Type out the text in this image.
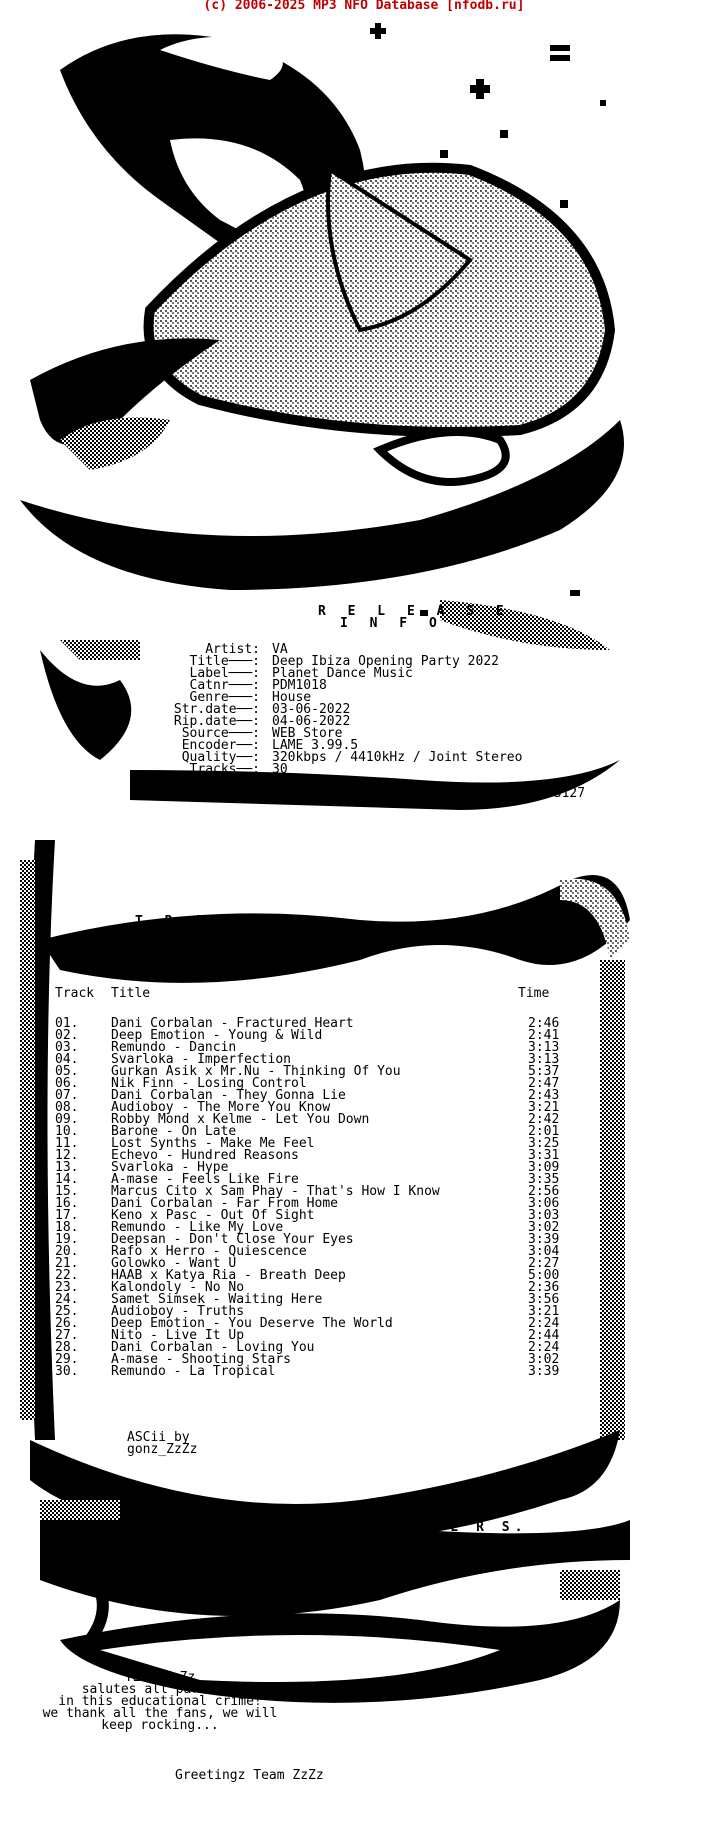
(c) 2006-2025 MP3 NFO Database [nfodb.ru]
R E L E A S E
I N F O
Artist: VA
Title───: Deep Ibiza Opening Party 2022
Label───: Planet Dance Music
Catnr───: PDM1018
Genre───: House
Str.date──: 03-06-2022
Rip.date──: 04-06-2022
Source───: WEB Store
Encoder──: LAME 3.99.5
Quality──: 320kbps / 4410kHz / Joint Stereo
Tracks──: 30
Size──: 230.99MB
Url──: http://www.deezer.com/de/album/321703127
T R A C K
L I S T I N G
Track Title	Time
01.	Dani Corbalan - Fractured Heart	2:46
02.	Deep Emotion - Young & Wild	2:41
03.	Remundo - Dancin	3:13
04.	Svarloka - Imperfection	3:13
05.	Gurkan Asik x Mr.Nu - Thinking Of You	5:37
06.	Nik Finn - Losing Control	2:47
07.	Dani Corbalan - They Gonna Lie	2:43
08.	Audioboy - The More You Know	3:21
09.	Robby Mond x Kelme - Let You Down	2:42
10.	Barone - On Late	2:01
11.	Lost Synths - Make Me Feel	3:25
12.	Echevo - Hundred Reasons	3:31
13.	Svarloka - Hype	3:09
14.	A-mase - Feels Like Fire	3:35
15.	Marcus Cito x Sam Phay - That's How I Know	2:56
16.	Dani Corbalan - Far From Home	3:06
17.	Keno x Pasc - Out Of Sight	3:03
18.	Remundo - Like My Love	3:02
19.	Deepsan - Don't Close Your Eyes	3:39
20.	Rafo x Herro - Quiescence	3:04
21.	Golowko - Want U	2:27
22.	HAAB x Katya Ria - Breath Deep	5:00
23.	Kalondoly - No No	2:36
24.	Samet Simsek - Waiting Here	3:56
25.	Audioboy - Truths	3:21
26.	Deep Emotion - You Deserve The World	2:24
27.	Nito - Live It Up	2:44
28.	Dani Corbalan - Loving You	2:24
29.	A-mase - Shooting Stars	3:02
30.	Remundo - La Tropical	3:39
ASCii by
gonz_ZzZz
.R I P P E R S.
.C O M M E N T.
TEAM ZzZz
salutes all partners
in this educational crime!
we thank all the fans, we will
keep rocking...
Greetingz Team ZzZz
